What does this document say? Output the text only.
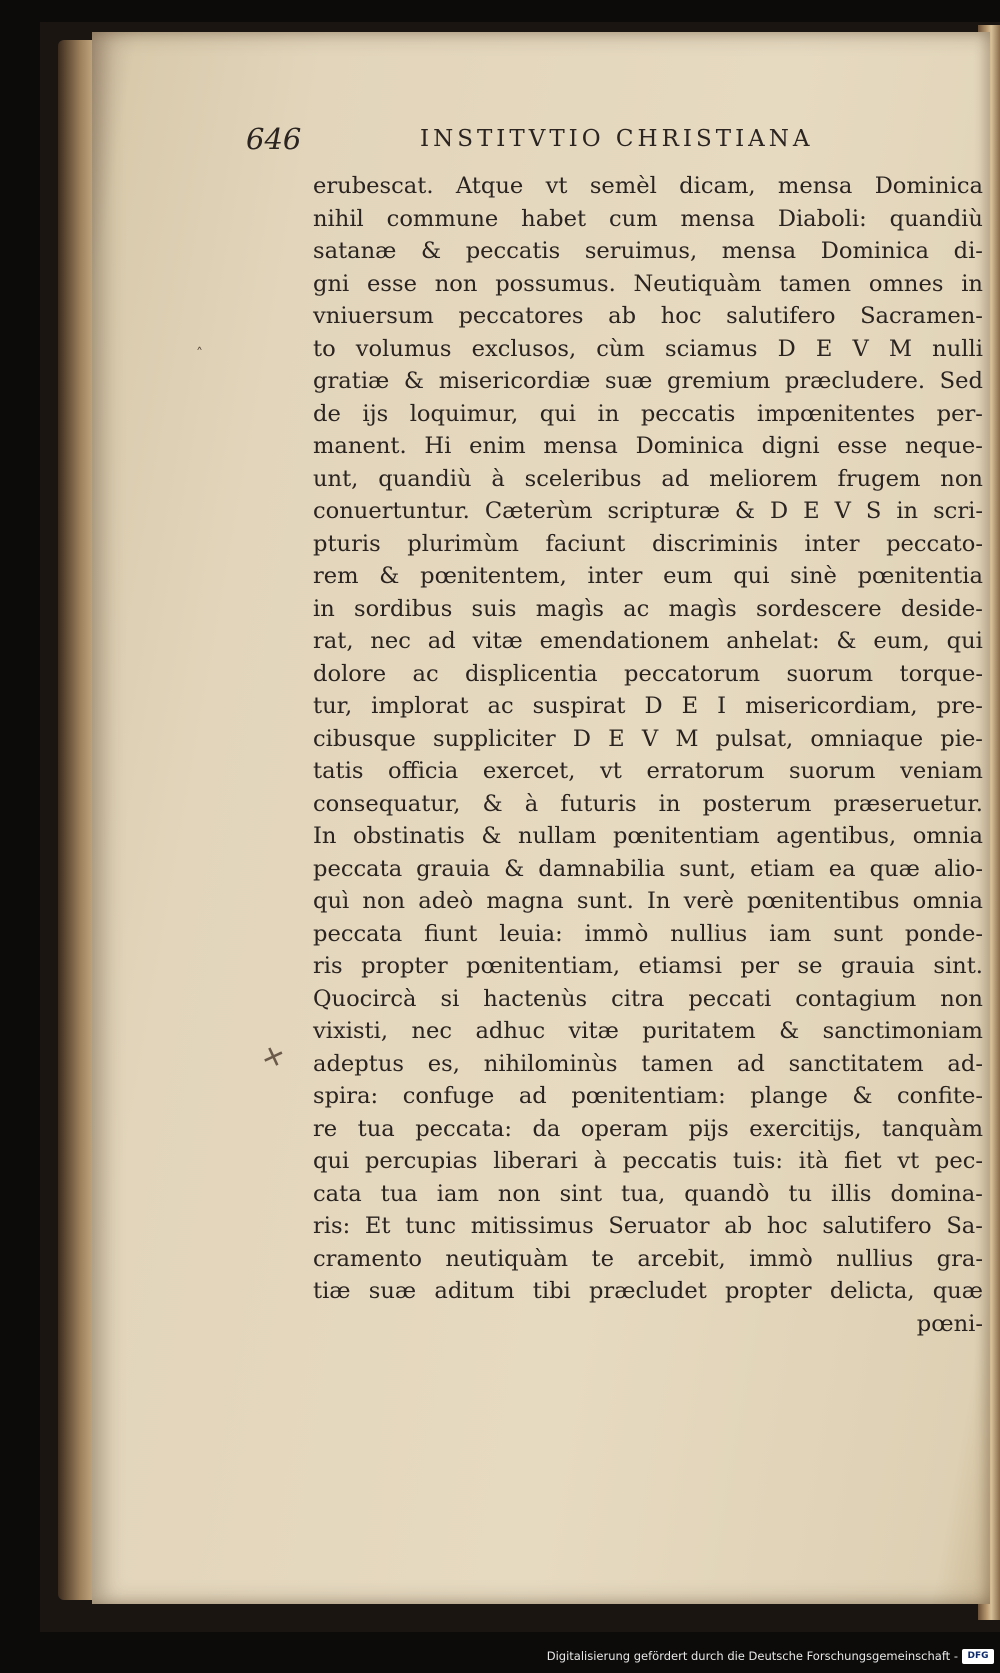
646	INSTITVTIO CHRISTIANA
˄
✕
erubescat. Atque vt semèl dicam, mensa Dominica
nihil commune habet cum mensa Diaboli: quandiù
satanæ & peccatis seruimus, mensa Dominica di-
gni esse non possumus. Neutiquàm tamen omnes in
vniuersum peccatores ab hoc salutifero Sacramen-
to volumus exclusos, cùm sciamus D E V M nulli
gratiæ & misericordiæ suæ gremium præcludere. Sed
de ijs loquimur, qui in peccatis impœnitentes per-
manent. Hi enim mensa Dominica digni esse neque-
unt, quandiù à sceleribus ad meliorem frugem non
conuertuntur. Cæterùm scripturæ & D E V S in scri-
pturis plurimùm faciunt discriminis inter peccato-
rem & pœnitentem, inter eum qui sinè pœnitentia
in sordibus suis magìs ac magìs sordescere deside-
rat, nec ad vitæ emendationem anhelat: & eum, qui
dolore ac displicentia peccatorum suorum torque-
tur, implorat ac suspirat D E I misericordiam, pre-
cibusque suppliciter D E V M pulsat, omniaque pie-
tatis officia exercet, vt erratorum suorum veniam
consequatur, & à futuris in posterum præseruetur.
In obstinatis & nullam pœnitentiam agentibus, omnia
peccata grauia & damnabilia sunt, etiam ea quæ alio-
quì non adeò magna sunt. In verè pœnitentibus omnia
peccata fiunt leuia: immò nullius iam sunt ponde-
ris propter pœnitentiam, etiamsi per se grauia sint.
Quocircà si hactenùs citra peccati contagium non
vixisti, nec adhuc vitæ puritatem & sanctimoniam
adeptus es, nihilominùs tamen ad sanctitatem ad-
spira: confuge ad pœnitentiam: plange & confite-
re tua peccata: da operam pijs exercitijs, tanquàm
qui percupias liberari à peccatis tuis: ità fiet vt pec-
cata tua iam non sint tua, quandò tu illis domina-
ris: Et tunc mitissimus Seruator ab hoc salutifero Sa-
cramento neutiquàm te arcebit, immò nullius gra-
tiæ suæ aditum tibi præcludet propter delicta, quæ
pœni-
Digitalisierung gefördert durch die Deutsche Forschungsgemeinschaft -	DFG
